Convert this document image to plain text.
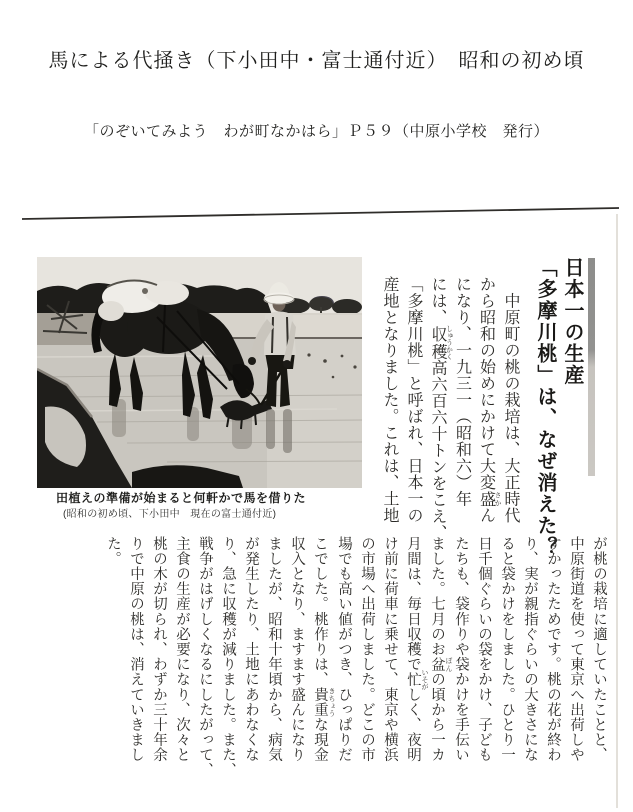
馬による代掻き（下小田中・富士通付近）　昭和の初め頃
「のぞいてみよう　わが町なかはら」Ｐ５９（中原小学校　発行）
田植えの準備が始まると何軒かで馬を借りた
(昭和の初め頃、下小田中　現在の富士通付近)
日本一の生産
「多摩川桃」は、なぜ消えた？
　中原町の桃の栽培は、大正時代
から昭和の始めにかけて大変盛 さかん
になり、一九三一（昭和六）年
には、収穫 しゅうかく高六百六十トンをこえ、
「多摩川桃」と呼ばれ、日本一の
産地となりました。これは、土地
が桃の栽培に適していたことと、
中原街道を使って東京へ出荷しや
すかったためです。桃の花が終わ
り、実が親指ぐらいの大きさにな
ると袋かけをしました。ひとり一
日千個ぐらいの袋をかけ、子ども
たちも、袋作りや袋かけを手伝い
ました。七月のお盆 ぼんの頃から一カ
月間は、毎日収穫で忙 いそがしく、夜明
け前に荷車に乗せて、東京や横浜
の市場へ出荷しました。どこの市
場でも高い値がつき、ひっぱりだ
こでした。桃作りは、貴重 きちょうな現金
収入となり、ますます盛んになり
ましたが、昭和十年頃から、病気
が発生したり、土地にあわなくな
り、急に収穫が減りました。また、
戦争がはげしくなるにしたがって、
主食の生産が必要になり、次々と
桃の木が切られ、わずか三十年余
りで中原の桃は、消えていきまし
た。
